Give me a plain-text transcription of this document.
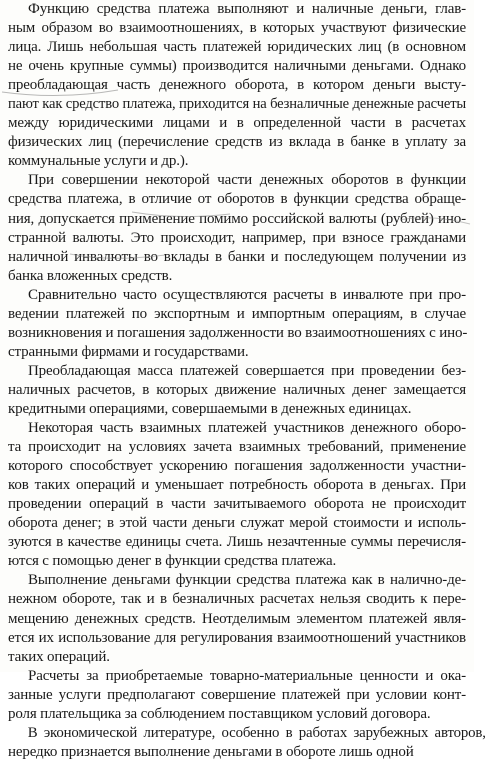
Функцию средства платежа выполняют и наличные деньги, глав-
ным образом во взаимоотношениях, в которых участвуют физические
лица. Лишь небольшая часть платежей юридических лиц (в основном
не очень крупные суммы) производится наличными деньгами. Однако
преобладающая часть денежного оборота, в котором деньги высту-
пают как средство платежа, приходится на безналичные денежные расчеты
между юридическими лицами и в определенной части в расчетах
физических лиц (перечисление средств из вклада в банке в уплату за
коммунальные услуги и др.).
При совершении некоторой части денежных оборотов в функции
средства платежа, в отличие от оборотов в функции средства обраще-
ния, допускается применение помимо российской валюты (рублей) ино-
странной валюты. Это происходит, например, при взносе гражданами
наличной инвалюты во вклады в банки и последующем получении из
банка вложенных средств.
Сравнительно часто осуществляются расчеты в инвалюте при про-
ведении платежей по экспортным и импортным операциям, в случае
возникновения и погашения задолженности во взаимоотношениях с ино-
странными фирмами и государствами.
Преобладающая масса платежей совершается при проведении без-
наличных расчетов, в которых движение наличных денег замещается
кредитными операциями, совершаемыми в денежных единицах.
Некоторая часть взаимных платежей участников денежного оборо-
та происходит на условиях зачета взаимных требований, применение
которого способствует ускорению погашения задолженности участни-
ков таких операций и уменьшает потребность оборота в деньгах. При
проведении операций в части зачитываемого оборота не происходит
оборота денег; в этой части деньги служат мерой стоимости и исполь-
зуются в качестве единицы счета. Лишь незачтенные суммы перечисля-
ются с помощью денег в функции средства платежа.
Выполнение деньгами функции средства платежа как в налично-де-
нежном обороте, так и в безналичных расчетах нельзя сводить к пере-
мещению денежных средств. Неотделимым элементом платежей явля-
ется их использование для регулирования взаимоотношений участников
таких операций.
Расчеты за приобретаемые товарно-материальные ценности и ока-
занные услуги предполагают совершение платежей при условии конт-
роля плательщика за соблюдением поставщиком условий договора.
В экономической литературе, особенно в работах зарубежных авторов,
нередко признается выполнение деньгами в обороте лишь одной
